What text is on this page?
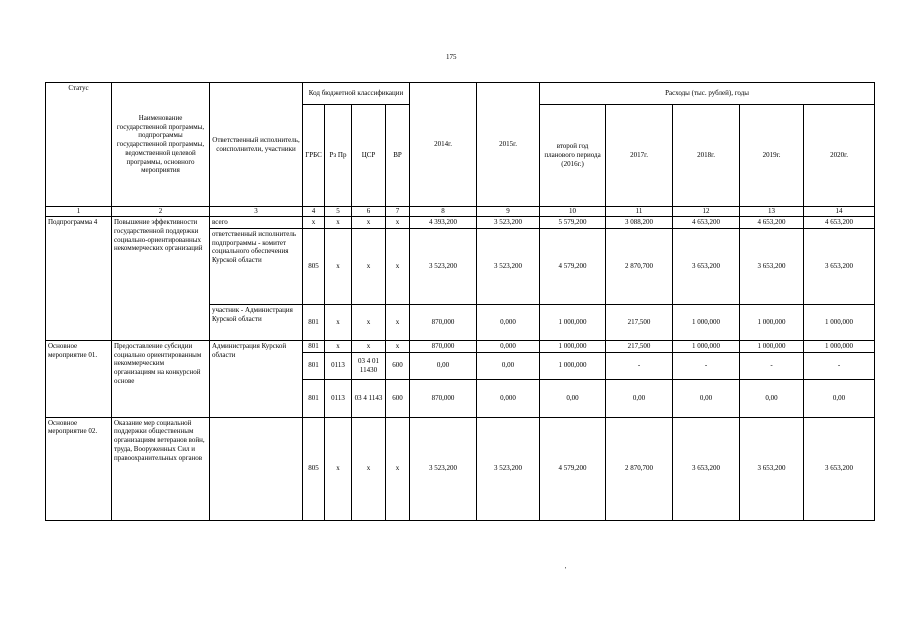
175
Статус	Наименование государственной программы, подпрограммы государственной программы, ведомственной целевой программы, основного мероприятия	Ответственный исполнитель, соисполнители, участники	Код бюджетной классификации				2014г.	2015г.	Расходы (тыс. рублей), годы				
			ГРБС	Рз Пр	ЦСР	ВР			второй год планового периода (2016г.)	2017г.	2018г.	2019г.	2020г.
1	2	3	4	5	6	7	8	9	10	11	12	13	14
Подпрограмма 4	Повышение эффективности государственной поддержки социально-ориентированных некоммерческих организаций	всего	х	х	х	х	4 393,200	3 523,200	5 579,200	3 088,200	4 653,200	4 653,200	4 653,200
		ответственный исполнитель подпрограммы - комитет социального обеспечения Курской области	805	х	х	х	3 523,200	3 523,200	4 579,200	2 870,700	3 653,200	3 653,200	3 653,200
		участник - Администрация Курской области	801	х	х	х	870,000	0,000	1 000,000	217,500	1 000,000	1 000,000	1 000,000
Основное мероприятие 01.	Предоставление субсидии социально ориентированным некоммерческим организациям на конкурсной основе	Администрация Курской области	801	х	х	х	870,000	0,000	1 000,000	217,500	1 000,000	1 000,000	1 000,000
			801	0113	03 4 01 11430	600	0,00	0,00	1 000,000	-	-	-	-
			801	0113	03 4 1143	600	870,000	0,000	0,00	0,00	0,00	0,00	0,00
Основное мероприятие 02.	Оказание мер социальной поддержки общественным организациям ветеранов войн, труда, Вооруженных Сил и правоохранительных органов		805	х	х	х	3 523,200	3 523,200	4 579,200	2 870,700	3 653,200	3 653,200	3 653,200
'
